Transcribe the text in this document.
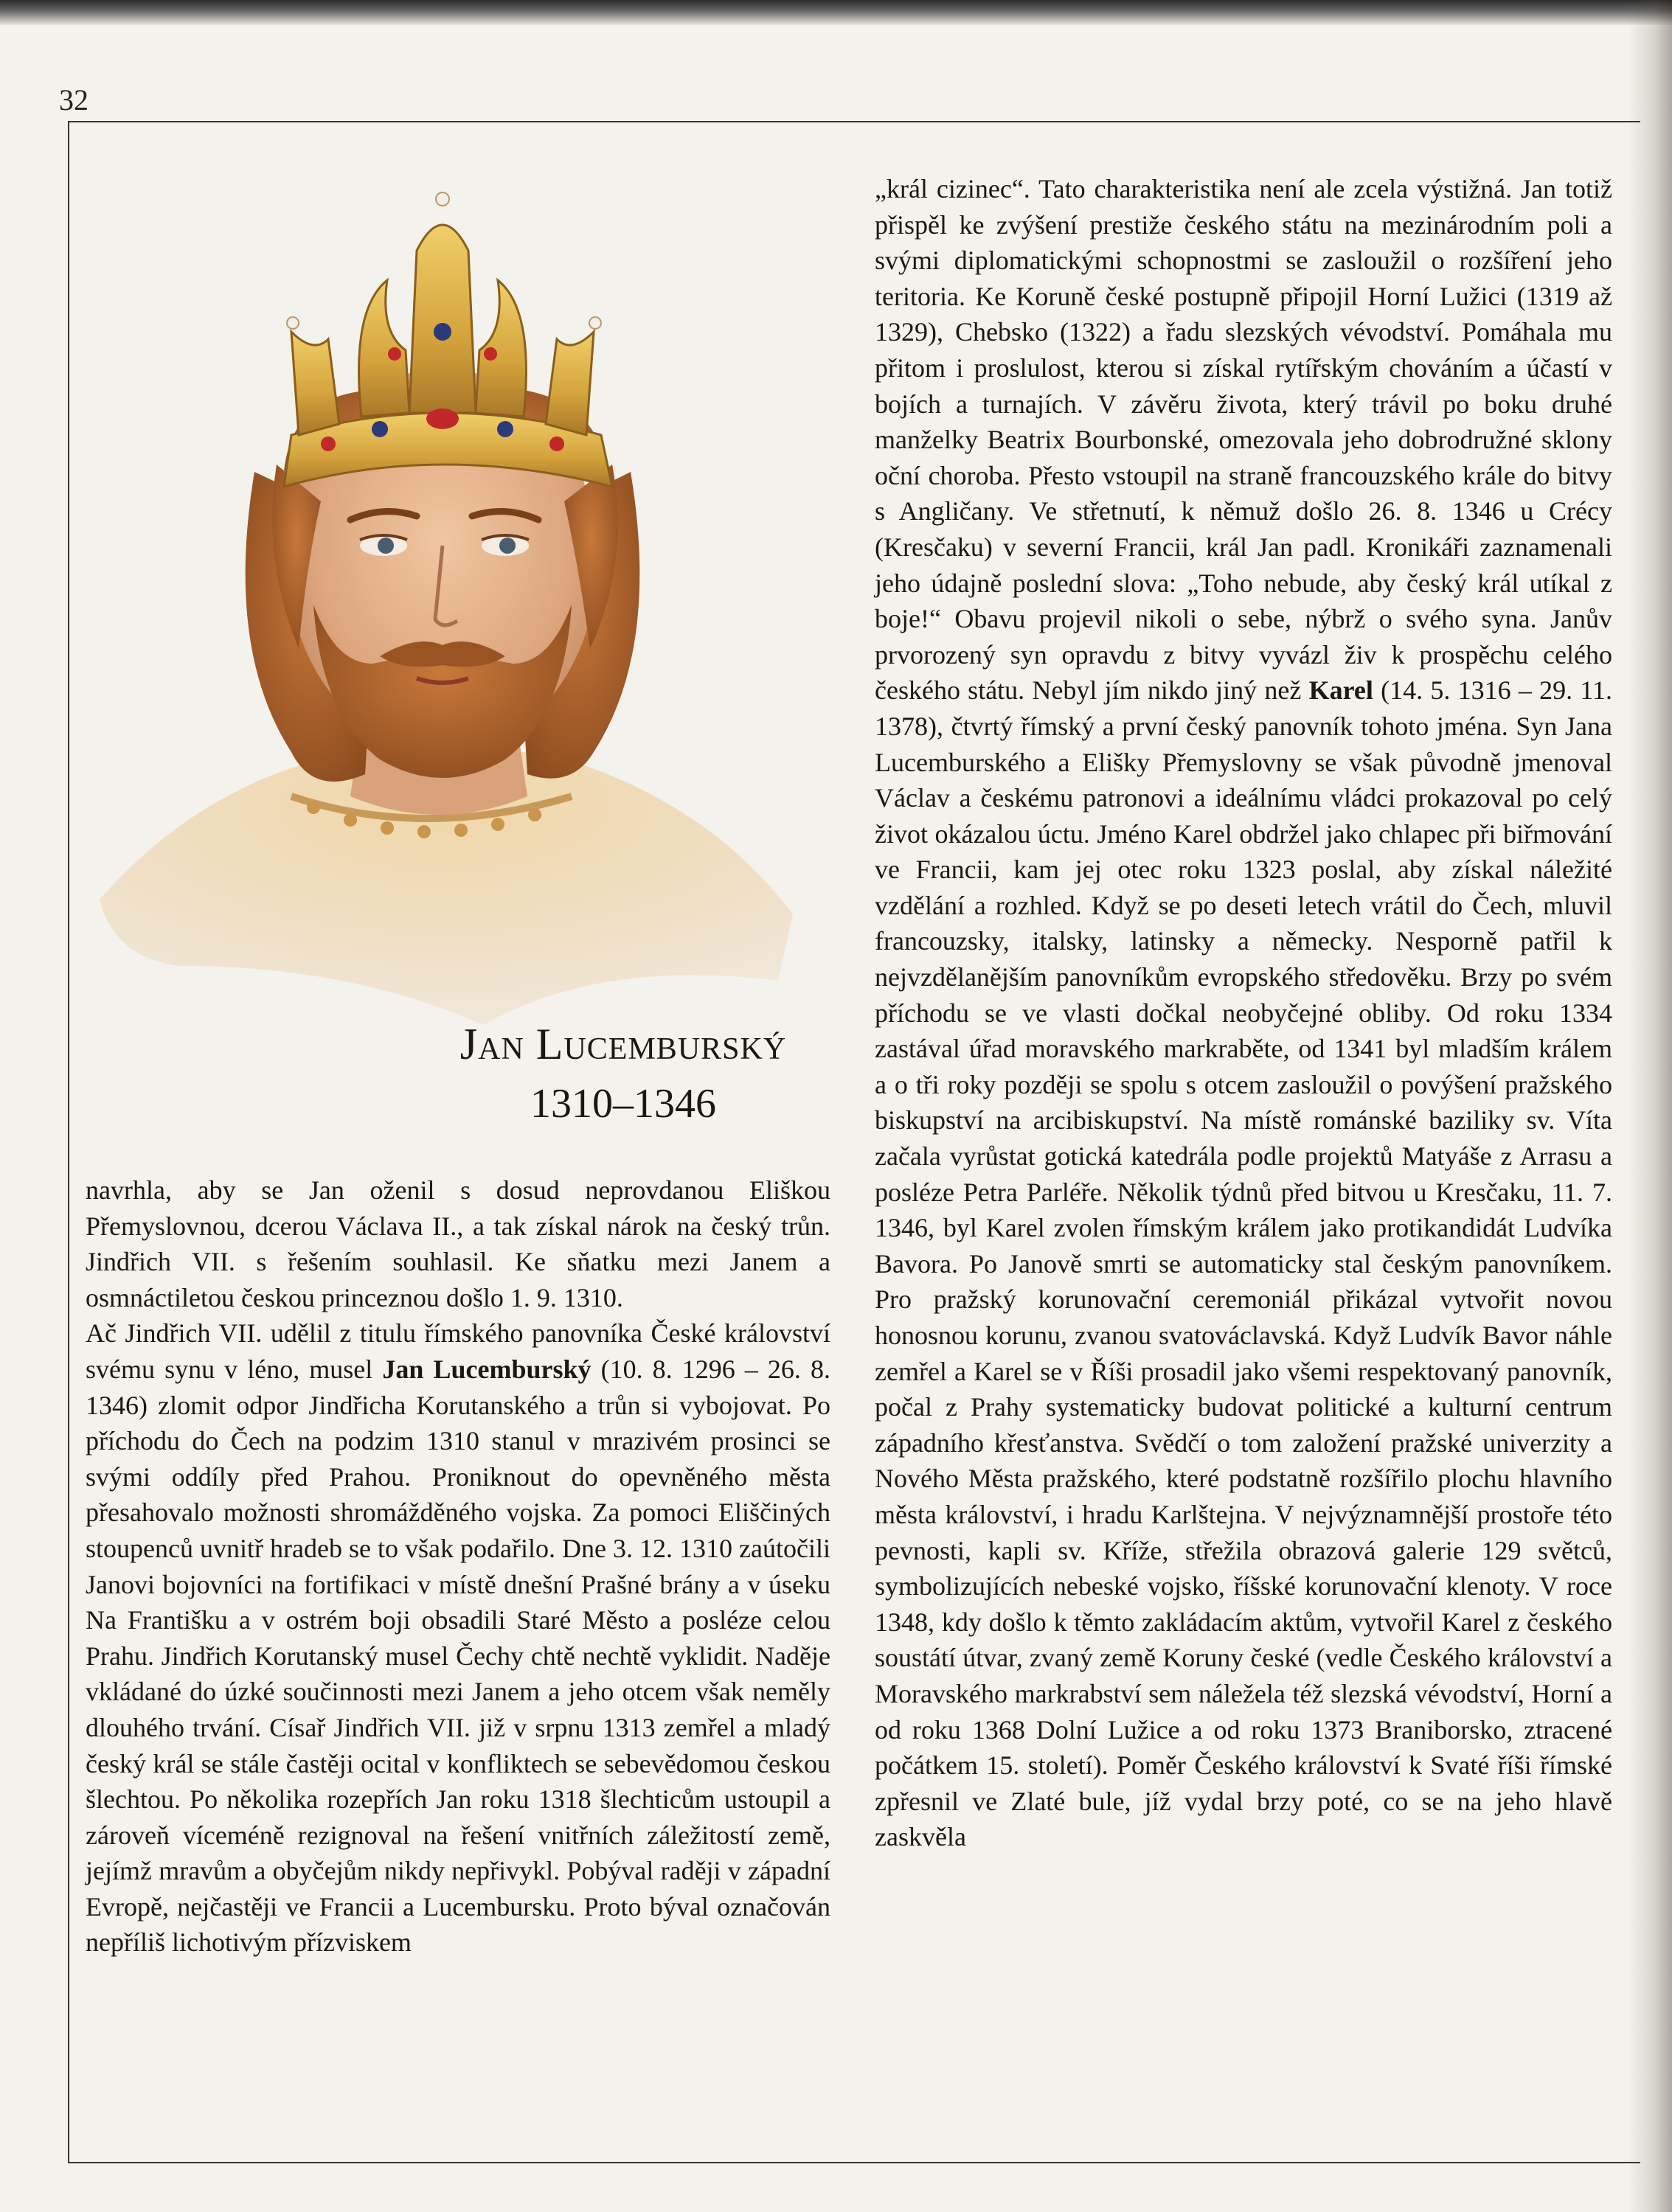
32
Jan Lucemburský
1310–1346

navrhla, aby se Jan oženil s dosud neprovdanou Eliškou Přemyslovnou, dcerou Václava II., a tak získal nárok na český trůn. Jindřich VII. s řešením souhlasil. Ke sňatku mezi Janem a osmnáctiletou českou princeznou došlo 1. 9. 1310.

Ač Jindřich VII. udělil z titulu římského panovníka České království svému synu v léno, musel Jan Lucemburský (10. 8. 1296 – 26. 8. 1346) zlomit odpor Jindřicha Korutanského a trůn si vybojovat. Po příchodu do Čech na podzim 1310 stanul v mrazivém prosinci se svými oddíly před Prahou. Proniknout do opevněného města přesahovalo možnosti shromážděného vojska. Za pomoci Eliščiných stoupenců uvnitř hradeb se to však podařilo. Dne 3. 12. 1310 zaútočili Janovi bojovníci na fortifikaci v místě dnešní Prašné brány a v úseku Na Františku a v ostrém boji obsadili Staré Město a posléze celou Prahu. Jindřich Korutanský musel Čechy chtě nechtě vyklidit. Naděje vkládané do úzké součinnosti mezi Janem a jeho otcem však neměly dlouhého trvání. Císař Jindřich VII. již v srpnu 1313 zemřel a mladý český král se stále častěji ocital v konfliktech se sebevědomou českou šlechtou. Po několika rozepřích Jan roku 1318 šlechticům ustoupil a zároveň víceméně rezignoval na řešení vnitřních záležitostí země, jejímž mravům a obyčejům nikdy nepřivykl. Pobýval raději v západní Evropě, nejčastěji ve Francii a Lucembursku. Proto býval označován nepříliš lichotivým přízviskem

„král cizinec“. Tato charakteristika není ale zcela výstižná. Jan totiž přispěl ke zvýšení prestiže českého státu na mezinárodním poli a svými diplomatickými schopnostmi se zasloužil o rozšíření jeho teritoria. Ke Koruně české postupně připojil Horní Lužici (1319 až 1329), Chebsko (1322) a řadu slezských vévodství. Pomáhala mu přitom i proslulost, kterou si získal rytířským chováním a účastí v bojích a turnajích. V závěru života, který trávil po boku druhé manželky Beatrix Bourbonské, omezovala jeho dobrodružné sklony oční choroba. Přesto vstoupil na straně francouzského krále do bitvy s Angličany. Ve střetnutí, k němuž došlo 26. 8. 1346 u Crécy (Kresčaku) v severní Francii, král Jan padl. Kronikáři zaznamenali jeho údajně poslední slova: „Toho nebude, aby český král utíkal z boje!“ Obavu projevil nikoli o sebe, nýbrž o svého syna. Janův prvorozený syn opravdu z bitvy vyvázl živ k prospěchu celého českého státu. Nebyl jím nikdo jiný než Karel (14. 5. 1316 – 29. 11. 1378), čtvrtý římský a první český panovník tohoto jména. Syn Jana Lucemburského a Elišky Přemyslovny se však původně jmenoval Václav a českému patronovi a ideálnímu vládci prokazoval po celý život okázalou úctu. Jméno Karel obdržel jako chlapec při biřmování ve Francii, kam jej otec roku 1323 poslal, aby získal náležité vzdělání a rozhled. Když se po deseti letech vrátil do Čech, mluvil francouzsky, italsky, latinsky a německy. Nesporně patřil k nejvzdělanějším panovníkům evropského středověku. Brzy po svém příchodu se ve vlasti dočkal neobyčejné obliby. Od roku 1334 zastával úřad moravského markraběte, od 1341 byl mladším králem a o tři roky později se spolu s otcem zasloužil o povýšení pražského biskupství na arcibiskupství. Na místě románské baziliky sv. Víta začala vyrůstat gotická katedrála podle projektů Matyáše z Arrasu a posléze Petra Parléře. Několik týdnů před bitvou u Kresčaku, 11. 7. 1346, byl Karel zvolen římským králem jako protikandidát Ludvíka Bavora. Po Janově smrti se automaticky stal českým panovníkem. Pro pražský korunovační ceremoniál přikázal vytvořit novou honosnou korunu, zvanou svatováclavská. Když Ludvík Bavor náhle zemřel a Karel se v Říši prosadil jako všemi respektovaný panovník, počal z Prahy systematicky budovat politické a kulturní centrum západního křesťanstva. Svědčí o tom založení pražské univerzity a Nového Města pražského, které podstatně rozšířilo plochu hlavního města království, i hradu Karlštejna. V nejvýznamnější prostoře této pevnosti, kapli sv. Kříže, střežila obrazová galerie 129 světců, symbolizujících nebeské vojsko, říšské korunovační klenoty. V roce 1348, kdy došlo k těmto zakládacím aktům, vytvořil Karel z českého soustátí útvar, zvaný země Koruny české (vedle Českého království a Moravského markrabství sem náležela též slezská vévodství, Horní a od roku 1368 Dolní Lužice a od roku 1373 Braniborsko, ztracené počátkem 15. století). Poměr Českého království k Svaté říši římské zpřesnil ve Zlaté bule, jíž vydal brzy poté, co se na jeho hlavě zaskvěla
